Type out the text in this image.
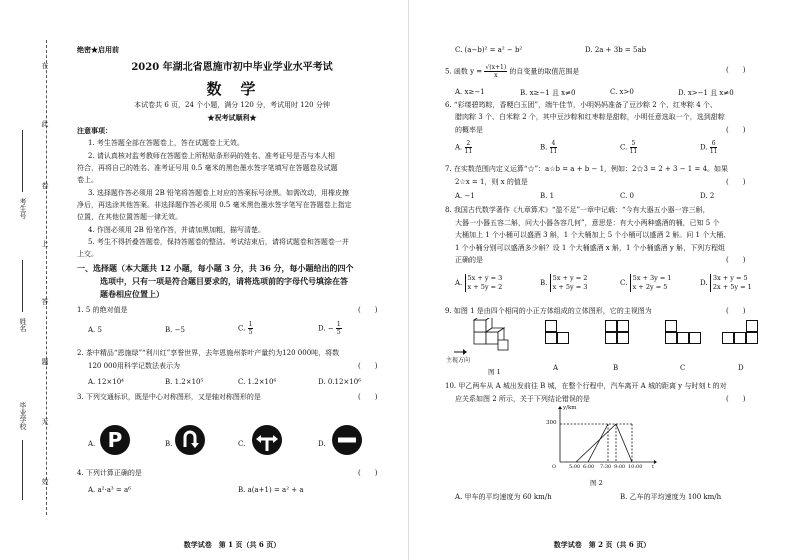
在
此
卷
上
答
题
无
效
考生号
姓名
毕业学校
绝密★启用前
2020 年湖北省恩施市初中毕业学业水平考试
数　学
本试卷共 6 页，24 个小题，满分 120 分，考试用时 120 分钟
★祝考试顺利★
注意事项：
1. 考生答题全部在答题卷上，答在试题卷上无效。
2. 请认真核对监考教师在答题卷上所粘贴条形码的姓名、准考证号是否与本人相
符合，再将自己的姓名、准考证号用 0.5 毫米的黑色墨水签字笔填写在答题卷及试题
卷上。
3. 选择题作答必须用 2B 铅笔将答题卷上对应的答案标号涂黑。如需改动，用橡皮擦
净后，再选涂其他答案。非选择题作答必须用 0.5 毫米黑色墨水签字笔写在答题卷上指定
位置，在其他位置答题一律无效。
4. 作图必须用 2B 铅笔作答，并请加黑加粗，描写清楚。
5. 考生不得折叠答题卷，保持答题卷的整洁。考试结束后，请将试题卷和答题卷一并
上交。
一、选择题（本大题共 12 小题，每小题 3 分，共 36 分，每小题给出的四个
选项中，只有一项是符合题目要求的，请将选项前的字母代号填涂在答
题卷相应位置上）
1. 5 的绝对值是	(　　)
A. 5	B. −5	C. $\frac{1}{5}$	D. − $\frac{1}{5}$
2. 茶中精品“恩施绿”“利川红”享誉世界，去年恩施州茶叶产量约为120 000吨，将数
120 000用科学记数法表示为	(　　)
A. 12×10⁴	B. 1.2×10⁵	C. 1.2×10⁶	D. 0.12×10⁶
3. 下列交通标识，既是中心对称图形，又是轴对称图形的是	(　　)
A. P	B.	C.	D.
4. 下列计算正确的是	(　　)
A. a²·a³ = a⁶	B. a(a+1) = a² + a
数学试卷　第 1 页（共 6 页）
C. (a−b)² = a² − b²	D. 2a + 3b = 5ab
5. 函数 $y = \frac{√(x+1)}{x}$ 的自变量的取值范围是	(　　)
A. x≥−1	B. x≥−1 且 x≠0	C. x>0	D. x>−1 且 x≠0
6. “彩缕碧筠粽，香粳白玉团”，端午佳节，小明妈妈准备了豆沙粽 2 个、红枣粽 4 个、
腊肉粽 3 个、白米粽 2 个，其中豆沙粽和红枣粽是甜粽，小明任意选取一个，选到甜粽
的概率是	(　　)
A. $\frac{2}{11}$	B. $\frac{4}{11}$	C. $\frac{5}{11}$	D. $\frac{6}{11}$
7. 在实数范围内定义运算“☆”：a☆b = a + b − 1，例如：2☆3 = 2 + 3 − 1 = 4。如果
2☆x = 1，则 x 的值是	(　　)
A. −1	B. 1	C. 0	D. 2
8. 我国古代数学著作《九章算术》“盈不足”一章中记载：“今有大器五小器一容三斛，
大器一小器五容二斛，问大小器各容几何”，意思是：有大小两种盛酒的桶，已知 5 个
大桶加上 1 个小桶可以盛酒 3 斛，1 个大桶加上 5 个小桶可以盛酒 2 斛。问 1 个大桶、
1 个小桶分别可以盛酒多少斛？设 1 个大桶盛酒 x 斛，1 个小桶盛酒 y 斛，下列方程组
正确的是	(　　)
A.
5x + y = 3
x + 5y = 2	B.
5x + y = 2
x + 5y = 3	C.
5x + 3y = 1
x + 2y = 5	D.
3x + y = 5
2x + 5y = 1
9. 如图 1 是由四个相同的小正方体组成的立体图形，它的主视图为	(　　)
主视方向
图 1	A	B	C	D
10. 甲乙两车从 A 城出发前往 B 城，在整个行程中，汽车离开 A 城的距离 y 与时刻 t 的对
应关系如图 2 所示，关于下列结论错误的是	(　　)
y/km
300
O	5:00 6:00 7:30 9:00 10:00 t
图 2
A. 甲车的平均速度为 60 km/h	B. 乙车的平均速度为 100 km/h
数学试卷　第 2 页（共 6 页）
